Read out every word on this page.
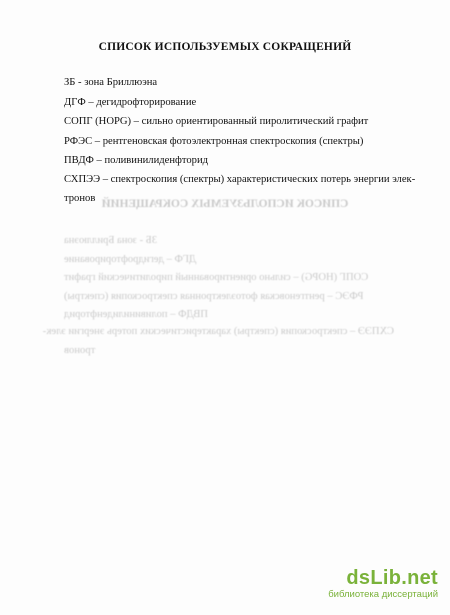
СПИСОК ИСПОЛЬЗУЕМЫХ СОКРАЩЕНИЙ
ЗБ - зона Бриллюэна
ДГФ – дегидрофторирование
СОПГ (HOPG) – сильно ориентированный пиролитический графит
РФЭС – рентгеновская фотоэлектронная спектроскопия (спектры)
ПВДФ – поливинилиденфторид
СХПЭЭ – спектроскопия (спектры) характеристических потерь энергии элек-
тронов СПИСОК ИСПОЛЬЗУЕМЫХ СОКРАЩЕНИЙ
ЗБ - зона Бриллюэна
ДГФ – дегидрофторирование
СОПГ (HOPG) – сильно ориентированный пиролитический графит
РФЭС – рентгеновская фотоэлектронная спектроскопия (спектры)
ПВДФ – поливинилиденфторид
СХПЭЭ – спектроскопия (спектры) характеристических потерь энергии элек-
тронов
dsLib.net
библиотека диссертаций
